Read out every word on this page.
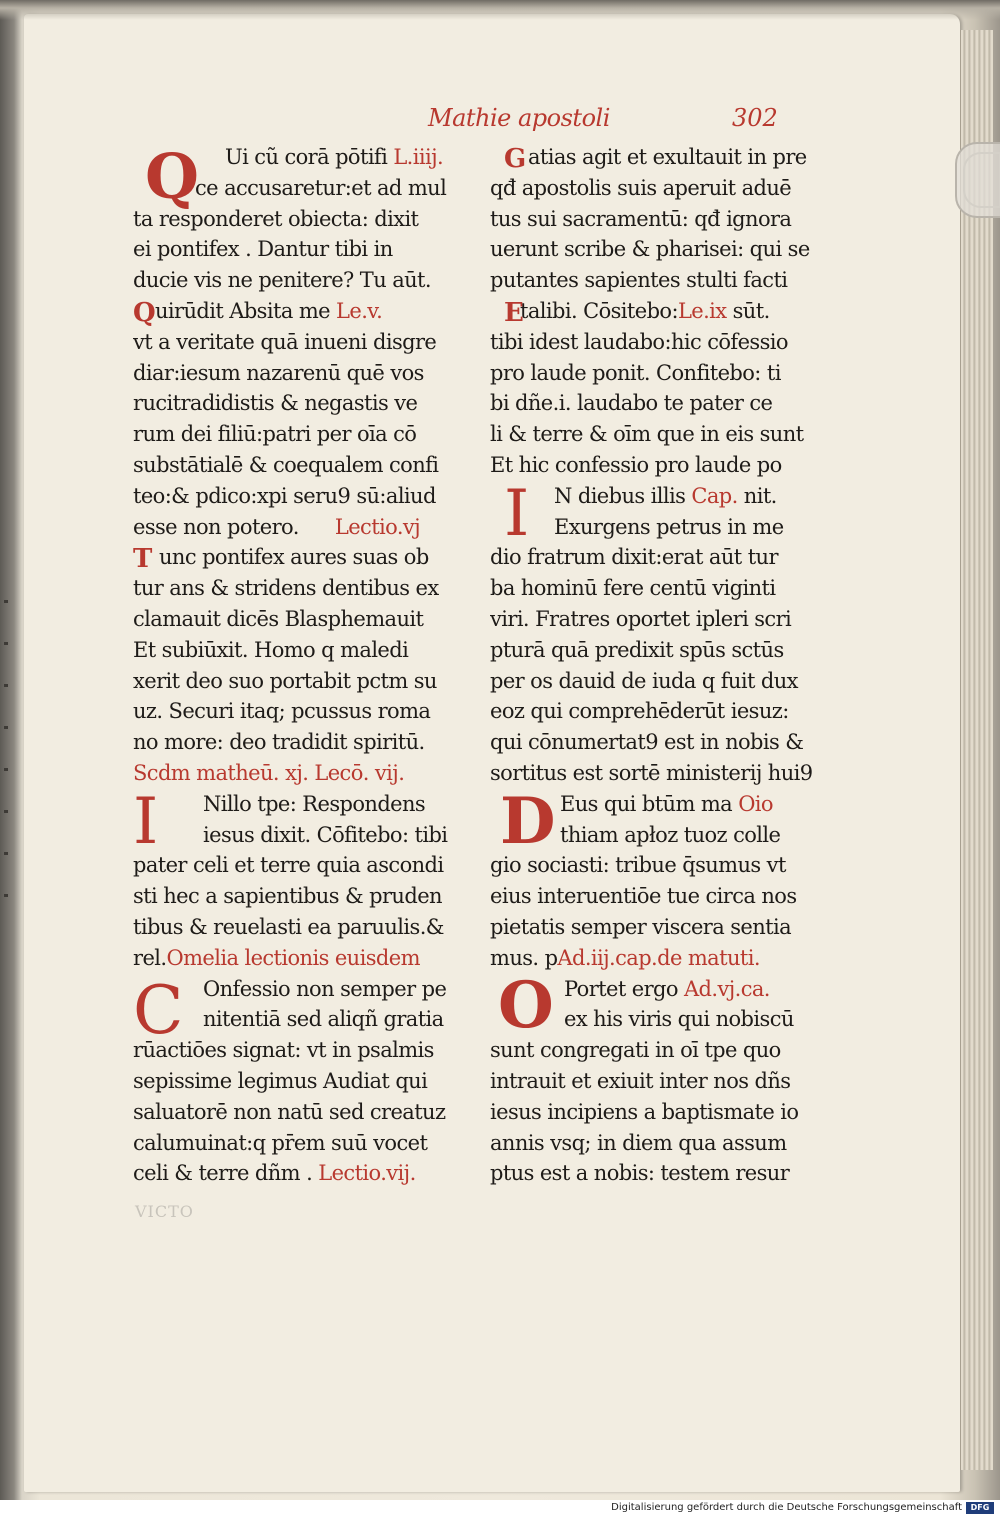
Mathie apostoli	302
Ui cũ corā pōtifi L.iiij.
ce accusaretur:et ad mul
ta responderet obiecta: dixit
ei pontifex . Dantur tibi in
ducie vis ne penitere? Tu aūt.
uirūdit Absita me Le.v.
vt a veritate quā inueni disgre
diar:iesum nazarenū quē vos
rucitradidistis & negastis ve
rum dei filiū:patri per oīa cō
substātialē & coequalem confi
teo:& pdico:xpi seru9 sū:aliud
esse non potero. Lectio.vj
unc pontifex aures suas ob
tur ans & stridens dentibus ex
clamauit dicēs Blasphemauit
Et subiūxit. Homo q maledi
xerit deo suo portabit pctm su
uz. Securi itaq; pcussus roma
no more: deo tradidit spiritū.
Scdm matheū. xj. Lecō. vij.
Nillo tpe: Respondens
iesus dixit. Cōfitebo: tibi
pater celi et terre quia ascondi
sti hec a sapientibus & pruden
tibus & reuelasti ea paruulis.&
rel.Omelia lectionis euisdem
Onfessio non semper pe
nitentiā sed aliqñ gratia
rūactiōes signat: vt in psalmis
sepissime legimus Audiat qui
saluatorē non natū sed creatuz
calumuinat:q pr̄em suū vocet
celi & terre dñm . Lectio.vij.
Q
Q
T
I
C
VICTO
atias agit et exultauit in pre
qđ apostolis suis aperuit aduē
tus sui sacramentū: qđ ignora
uerunt scribe & pharisei: qui se
putantes sapientes stulti facti
talibi. Cōsitebo:Le.ix sūt.
tibi idest laudabo:hic cōfessio
pro laude ponit. Confitebo: ti
bi dñe.i. laudabo te pater ce
li & terre & oīm que in eis sunt
Et hic confessio pro laude po
N diebus illis Cap. nit.
Exurgens petrus in me
dio fratrum dixit:erat aūt tur
ba hominū fere centū viginti
viri. Fratres oportet ipleri scri
pturā quā predixit spūs sctūs
per os dauid de iuda q fuit dux
eoz qui comprehēderūt iesuz:
qui cōnumertat9 est in nobis &
sortitus est sortē ministerij hui9
Eus qui btūm ma Oio
thiam apłoz tuoz colle
gio sociasti: tribue q̄sumus vt
eius interuentiōe tue circa nos
pietatis semper viscera sentia
mus. pAd.iij.cap.de matuti.
Portet ergo Ad.vj.ca.
ex his viris qui nobiscū
sunt congregati in oī tpe quo
intrauit et exiuit inter nos dñs
iesus incipiens a baptismate io
annis vsq; in diem qua assum
ptus est a nobis: testem resur
G
E
I
D
O
Digitalisierung gefördert durch die Deutsche Forschungsgemeinschaft	DFG
